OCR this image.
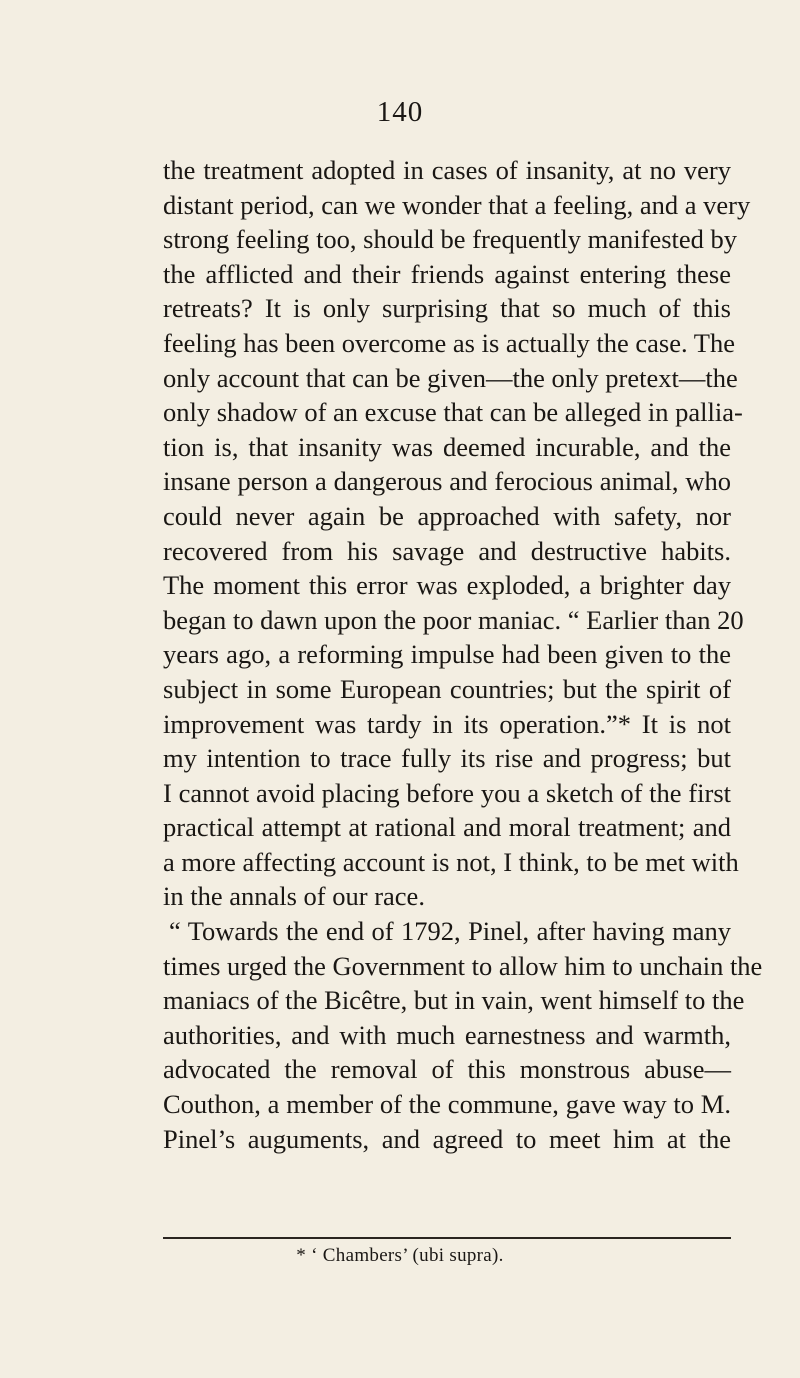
140
the treatment adopted in cases of insanity, at no very
distant period, can we wonder that a feeling, and a very
strong feeling too, should be frequently manifested by
the afflicted and their friends against entering these
retreats? It is only surprising that so much of this
feeling has been overcome as is actually the case. The
only account that can be given—the only pretext—the
only shadow of an excuse that can be alleged in pallia-
tion is, that insanity was deemed incurable, and the
insane person a dangerous and ferocious animal, who
could never again be approached with safety, nor
recovered from his savage and destructive habits.
The moment this error was exploded, a brighter day
began to dawn upon the poor maniac. “ Earlier than 20
years ago, a reforming impulse had been given to the
subject in some European countries; but the spirit of
improvement was tardy in its operation.”* It is not
my intention to trace fully its rise and progress; but
I cannot avoid placing before you a sketch of the first
practical attempt at rational and moral treatment; and
a more affecting account is not, I think, to be met with
in the annals of our race.
“ Towards the end of 1792, Pinel, after having many
times urged the Government to allow him to unchain the
maniacs of the Bicêtre, but in vain, went himself to the
authorities, and with much earnestness and warmth,
advocated the removal of this monstrous abuse—
Couthon, a member of the commune, gave way to M.
Pinel’s auguments, and agreed to meet him at the
* ‘ Chambers’ (ubi supra).
